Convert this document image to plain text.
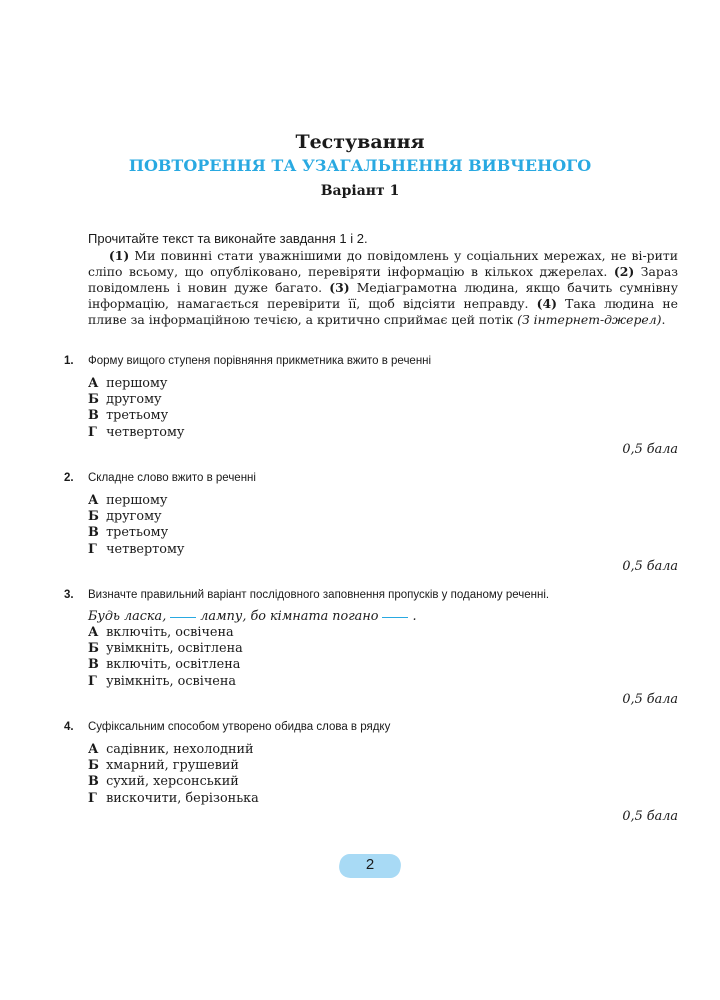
Тестування
ПОВТОРЕННЯ ТА УЗАГАЛЬНЕННЯ ВИВЧЕНОГО
Варіант 1
Прочитайте текст та виконайте завдання 1 і 2.
(1) Ми повинні стати уважнішими до повідомлень у соціальних мережах, не ві-рити сліпо всьому, що опубліковано, перевіряти інформацію в кількох джерелах. (2) Зараз повідомлень і новин дуже багато. (3) Медіаграмотна людина, якщо бачить сумнівну інформацію, намагається перевірити її, щоб відсіяти неправду. (4) Така людина не пливе за інформаційною течією, а критично сприймає цей потік (З інтернет-джерел).
1.	Форму вищого ступеня порівняння прикметника вжито в реченні
А першому
Б другому
В третьому
Г четвертому
0,5 бала
2.	Складне слово вжито в реченні
А першому
Б другому
В третьому
Г четвертому
0,5 бала
3.	Визначте правильний варіант послідовного заповнення пропусків у поданому реченні.
Будь ласка,	лампу, бо кімната погано	.
А включіть, освічена
Б увімкніть, освітлена
В включіть, освітлена
Г увімкніть, освічена
0,5 бала
4.	Суфіксальним способом утворено обидва слова в рядку
А садівник, нехолодний
Б хмарний, грушевий
В сухий, херсонський
Г вискочити, берізонька
0,5 бала
2
